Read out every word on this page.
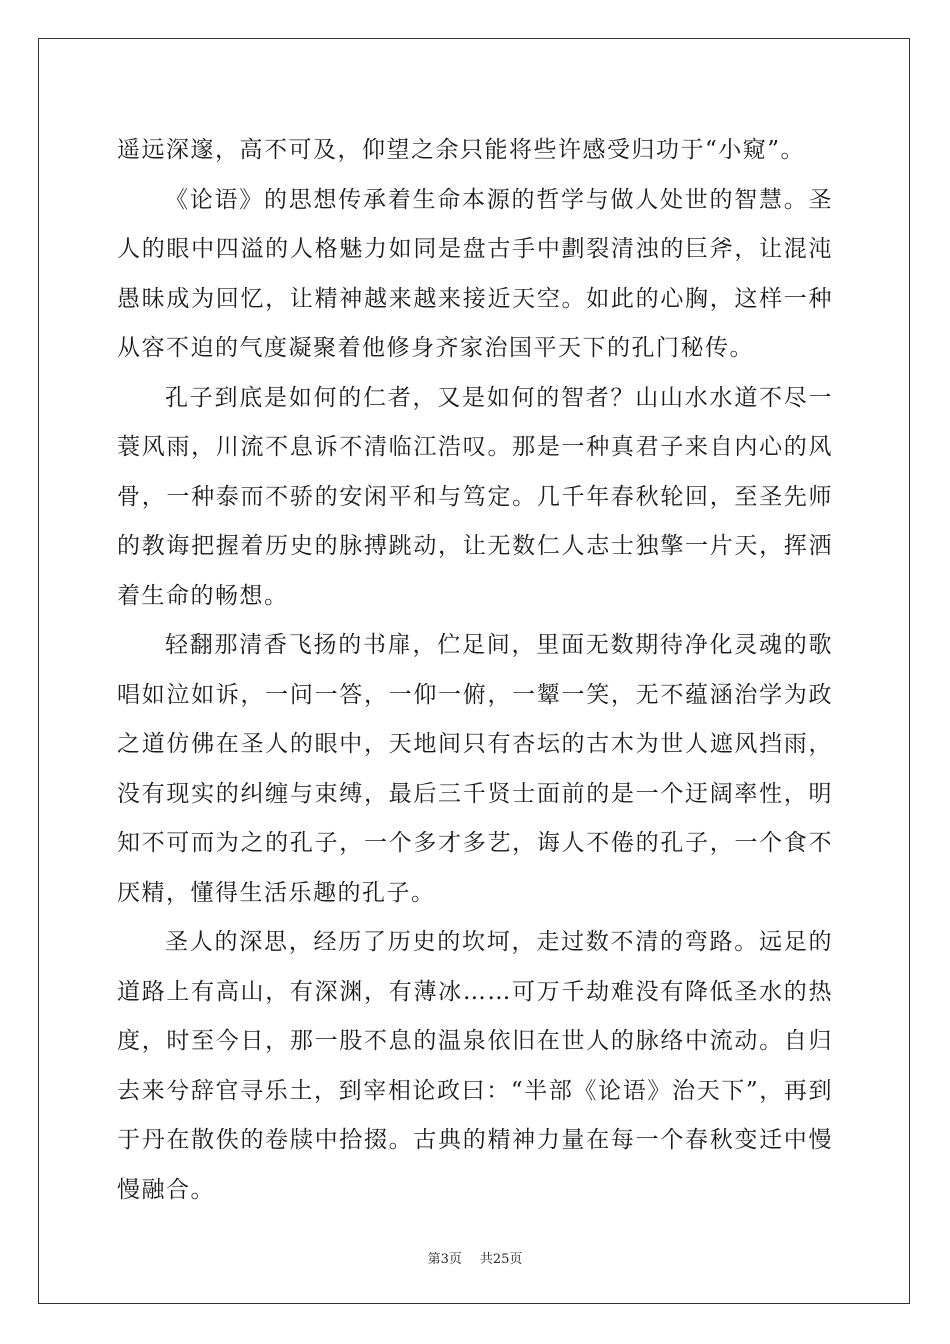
遥远深邃，高不可及，仰望之余只能将些许感受归功于“小窥”。

《论语》的思想传承着生命本源的哲学与做人处世的智慧。圣人的眼中四溢的人格魅力如同是盘古手中劃裂清浊的巨斧，让混沌愚昧成为回忆，让精神越来越来接近天空。如此的心胸，这样一种从容不迫的气度凝聚着他修身齐家治国平天下的孔门秘传。

孔子到底是如何的仁者，又是如何的智者？山山水水道不尽一蓑风雨，川流不息诉不清临江浩叹。那是一种真君子来自内心的风骨，一种泰而不骄的安闲平和与笃定。几千年春秋轮回，至圣先师的教诲把握着历史的脉搏跳动，让无数仁人志士独擎一片天，挥洒着生命的畅想。

轻翻那清香飞扬的书扉，伫足间，里面无数期待净化灵魂的歌唱如泣如诉，一问一答，一仰一俯，一颦一笑，无不蕴涵治学为政之道仿佛在圣人的眼中，天地间只有杏坛的古木为世人遮风挡雨，没有现实的纠缠与束缚，最后三千贤士面前的是一个迂阔率性，明知不可而为之的孔子，一个多才多艺，诲人不倦的孔子，一个食不厌精，懂得生活乐趣的孔子。

圣人的深思，经历了历史的坎坷，走过数不清的弯路。远足的道路上有高山，有深渊，有薄冰……可万千劫难没有降低圣水的热度，时至今日，那一股不息的温泉依旧在世人的脉络中流动。自归去来兮辞官寻乐土，到宰相论政曰：“半部《论语》治天下”，再到于丹在散佚的卷牍中拾掇。古典的精神力量在每一个春秋变迁中慢慢融合。

第3页 共25页
